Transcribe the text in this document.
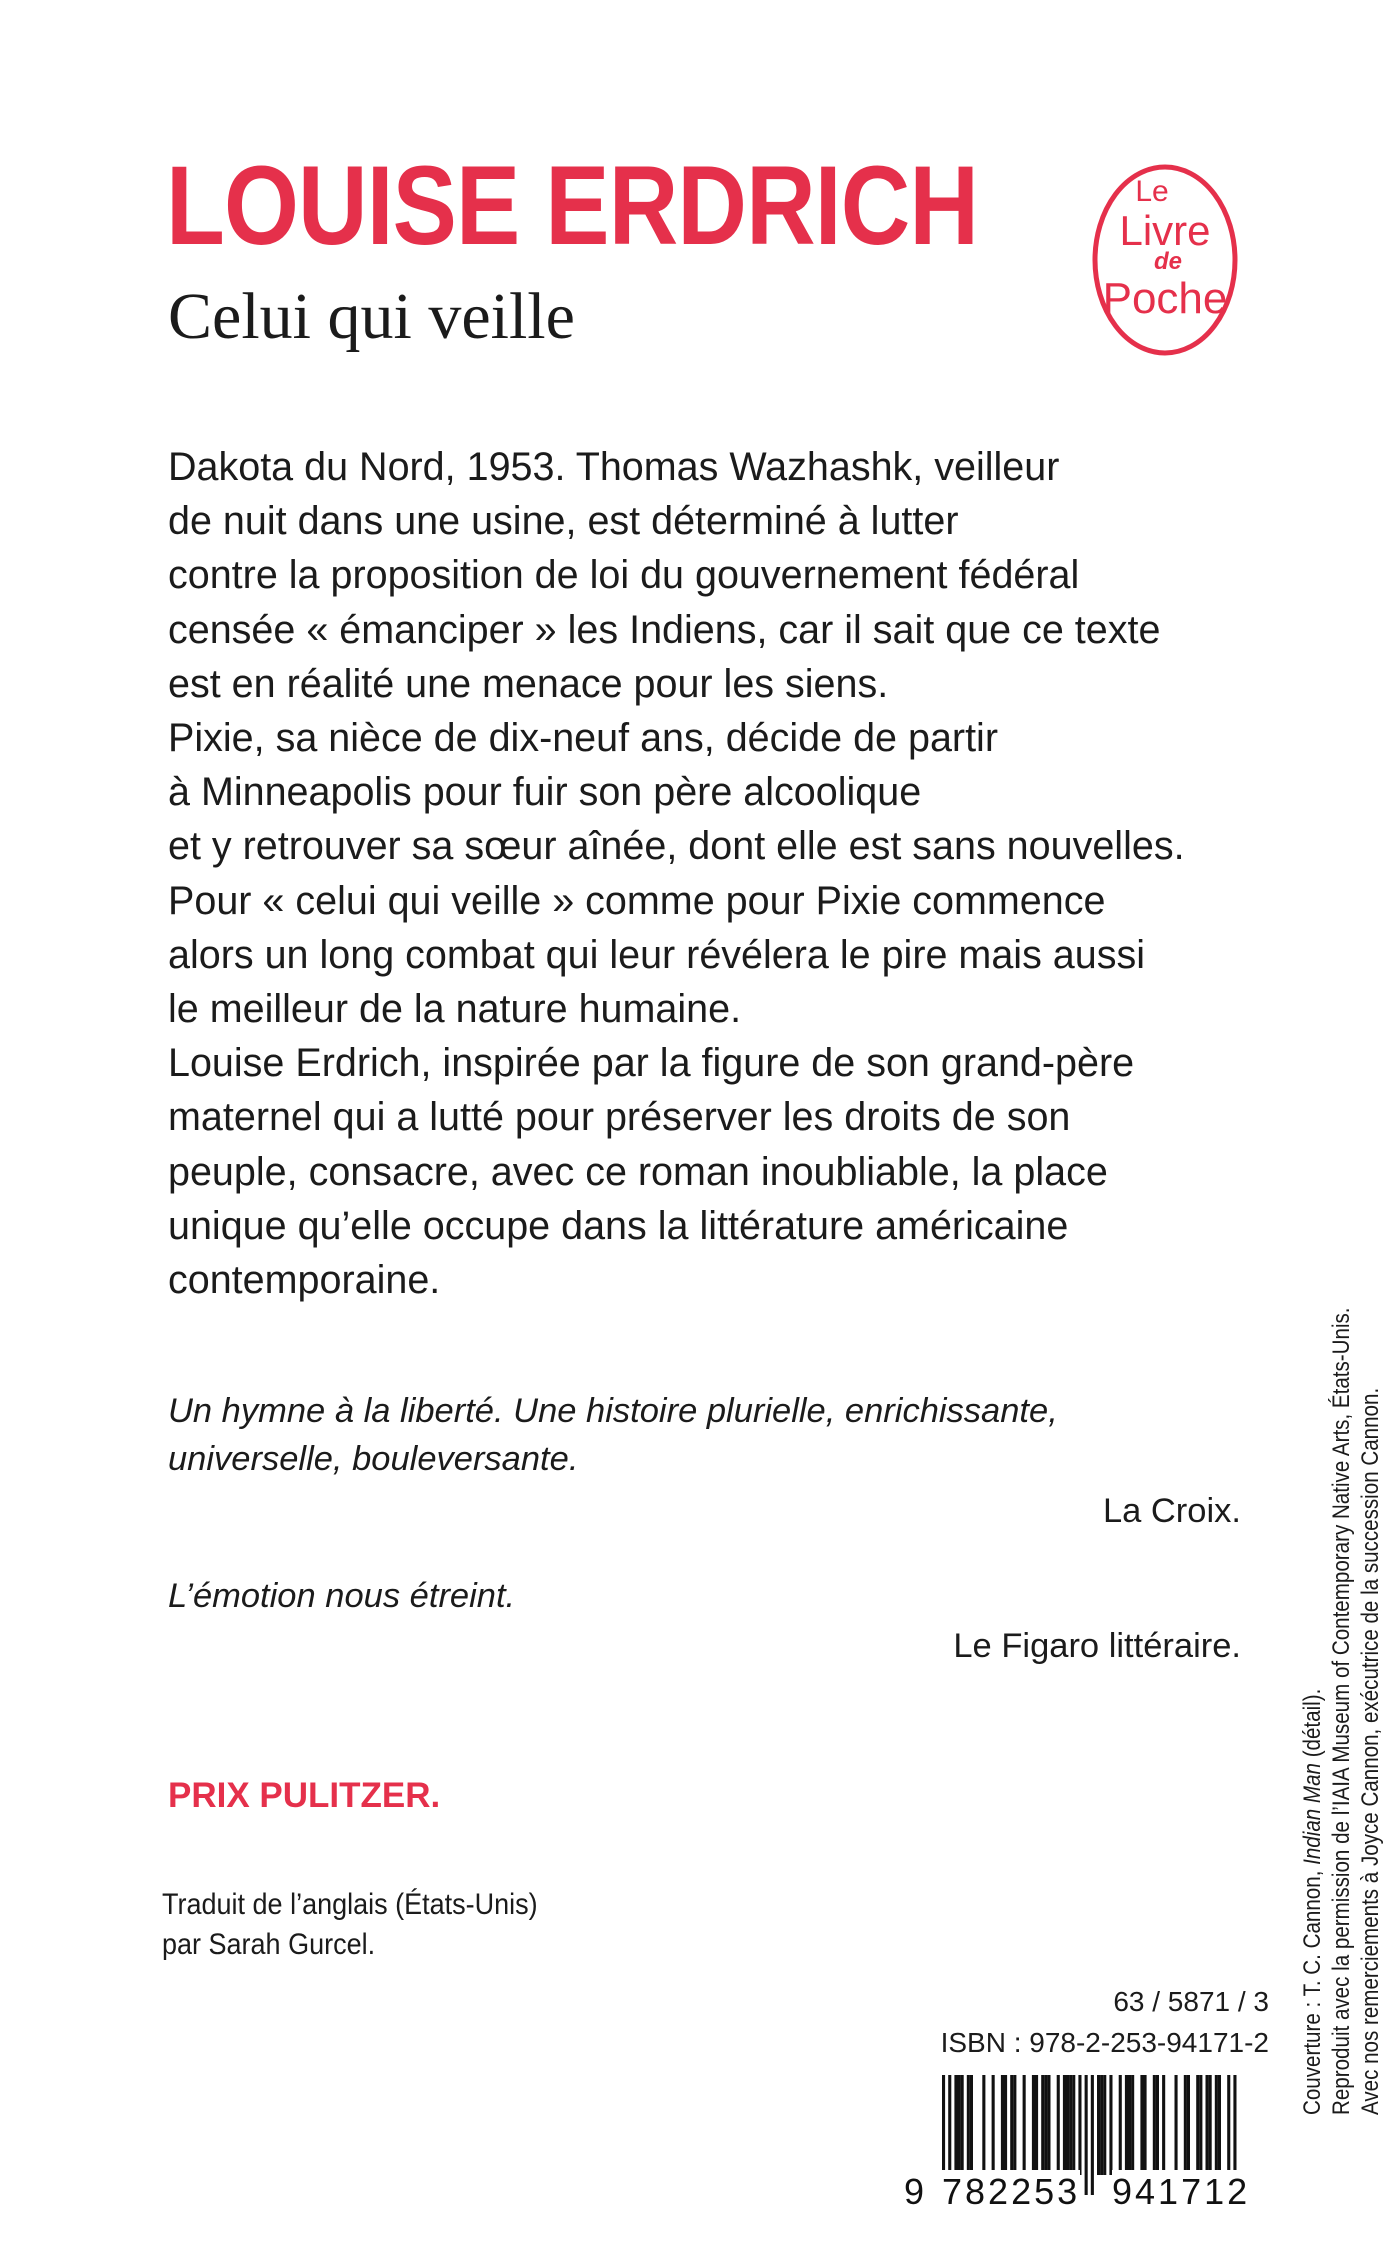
LOUISE ERDRICH
Celui qui veille
Le
Livre
de
Poche
Dakota du Nord, 1953. Thomas Wazhashk, veilleur
de nuit dans une usine, est déterminé à lutter
contre la proposition de loi du gouvernement fédéral
censée « émanciper » les Indiens, car il sait que ce texte
est en réalité une menace pour les siens.
Pixie, sa nièce de dix-neuf ans, décide de partir
à Minneapolis pour fuir son père alcoolique
et y retrouver sa sœur aînée, dont elle est sans nouvelles.
Pour « celui qui veille » comme pour Pixie commence
alors un long combat qui leur révélera le pire mais aussi
le meilleur de la nature humaine.
Louise Erdrich, inspirée par la figure de son grand-père
maternel qui a lutté pour préserver les droits de son
peuple, consacre, avec ce roman inoubliable, la place
unique qu’elle occupe dans la littérature américaine
contemporaine.

Un hymne à la liberté. Une histoire plurielle, enrichissante,

universelle, bouleversante.

La Croix.

L’émotion nous étreint.

Le Figaro littéraire.

PRIX PULITZER.

Traduit de l’anglais (États-Unis)
par Sarah Gurcel.

63 / 5871 / 3

ISBN : 978-2-253-94171-2

9 782253 941712
Couverture : T. C. Cannon, Indian Man (détail). Reproduit avec la permission de l’IAIA Museum of Contemporary Native Arts, États-Unis. Avec nos remerciements à Joyce Cannon, exécutrice de la succession Cannon.
